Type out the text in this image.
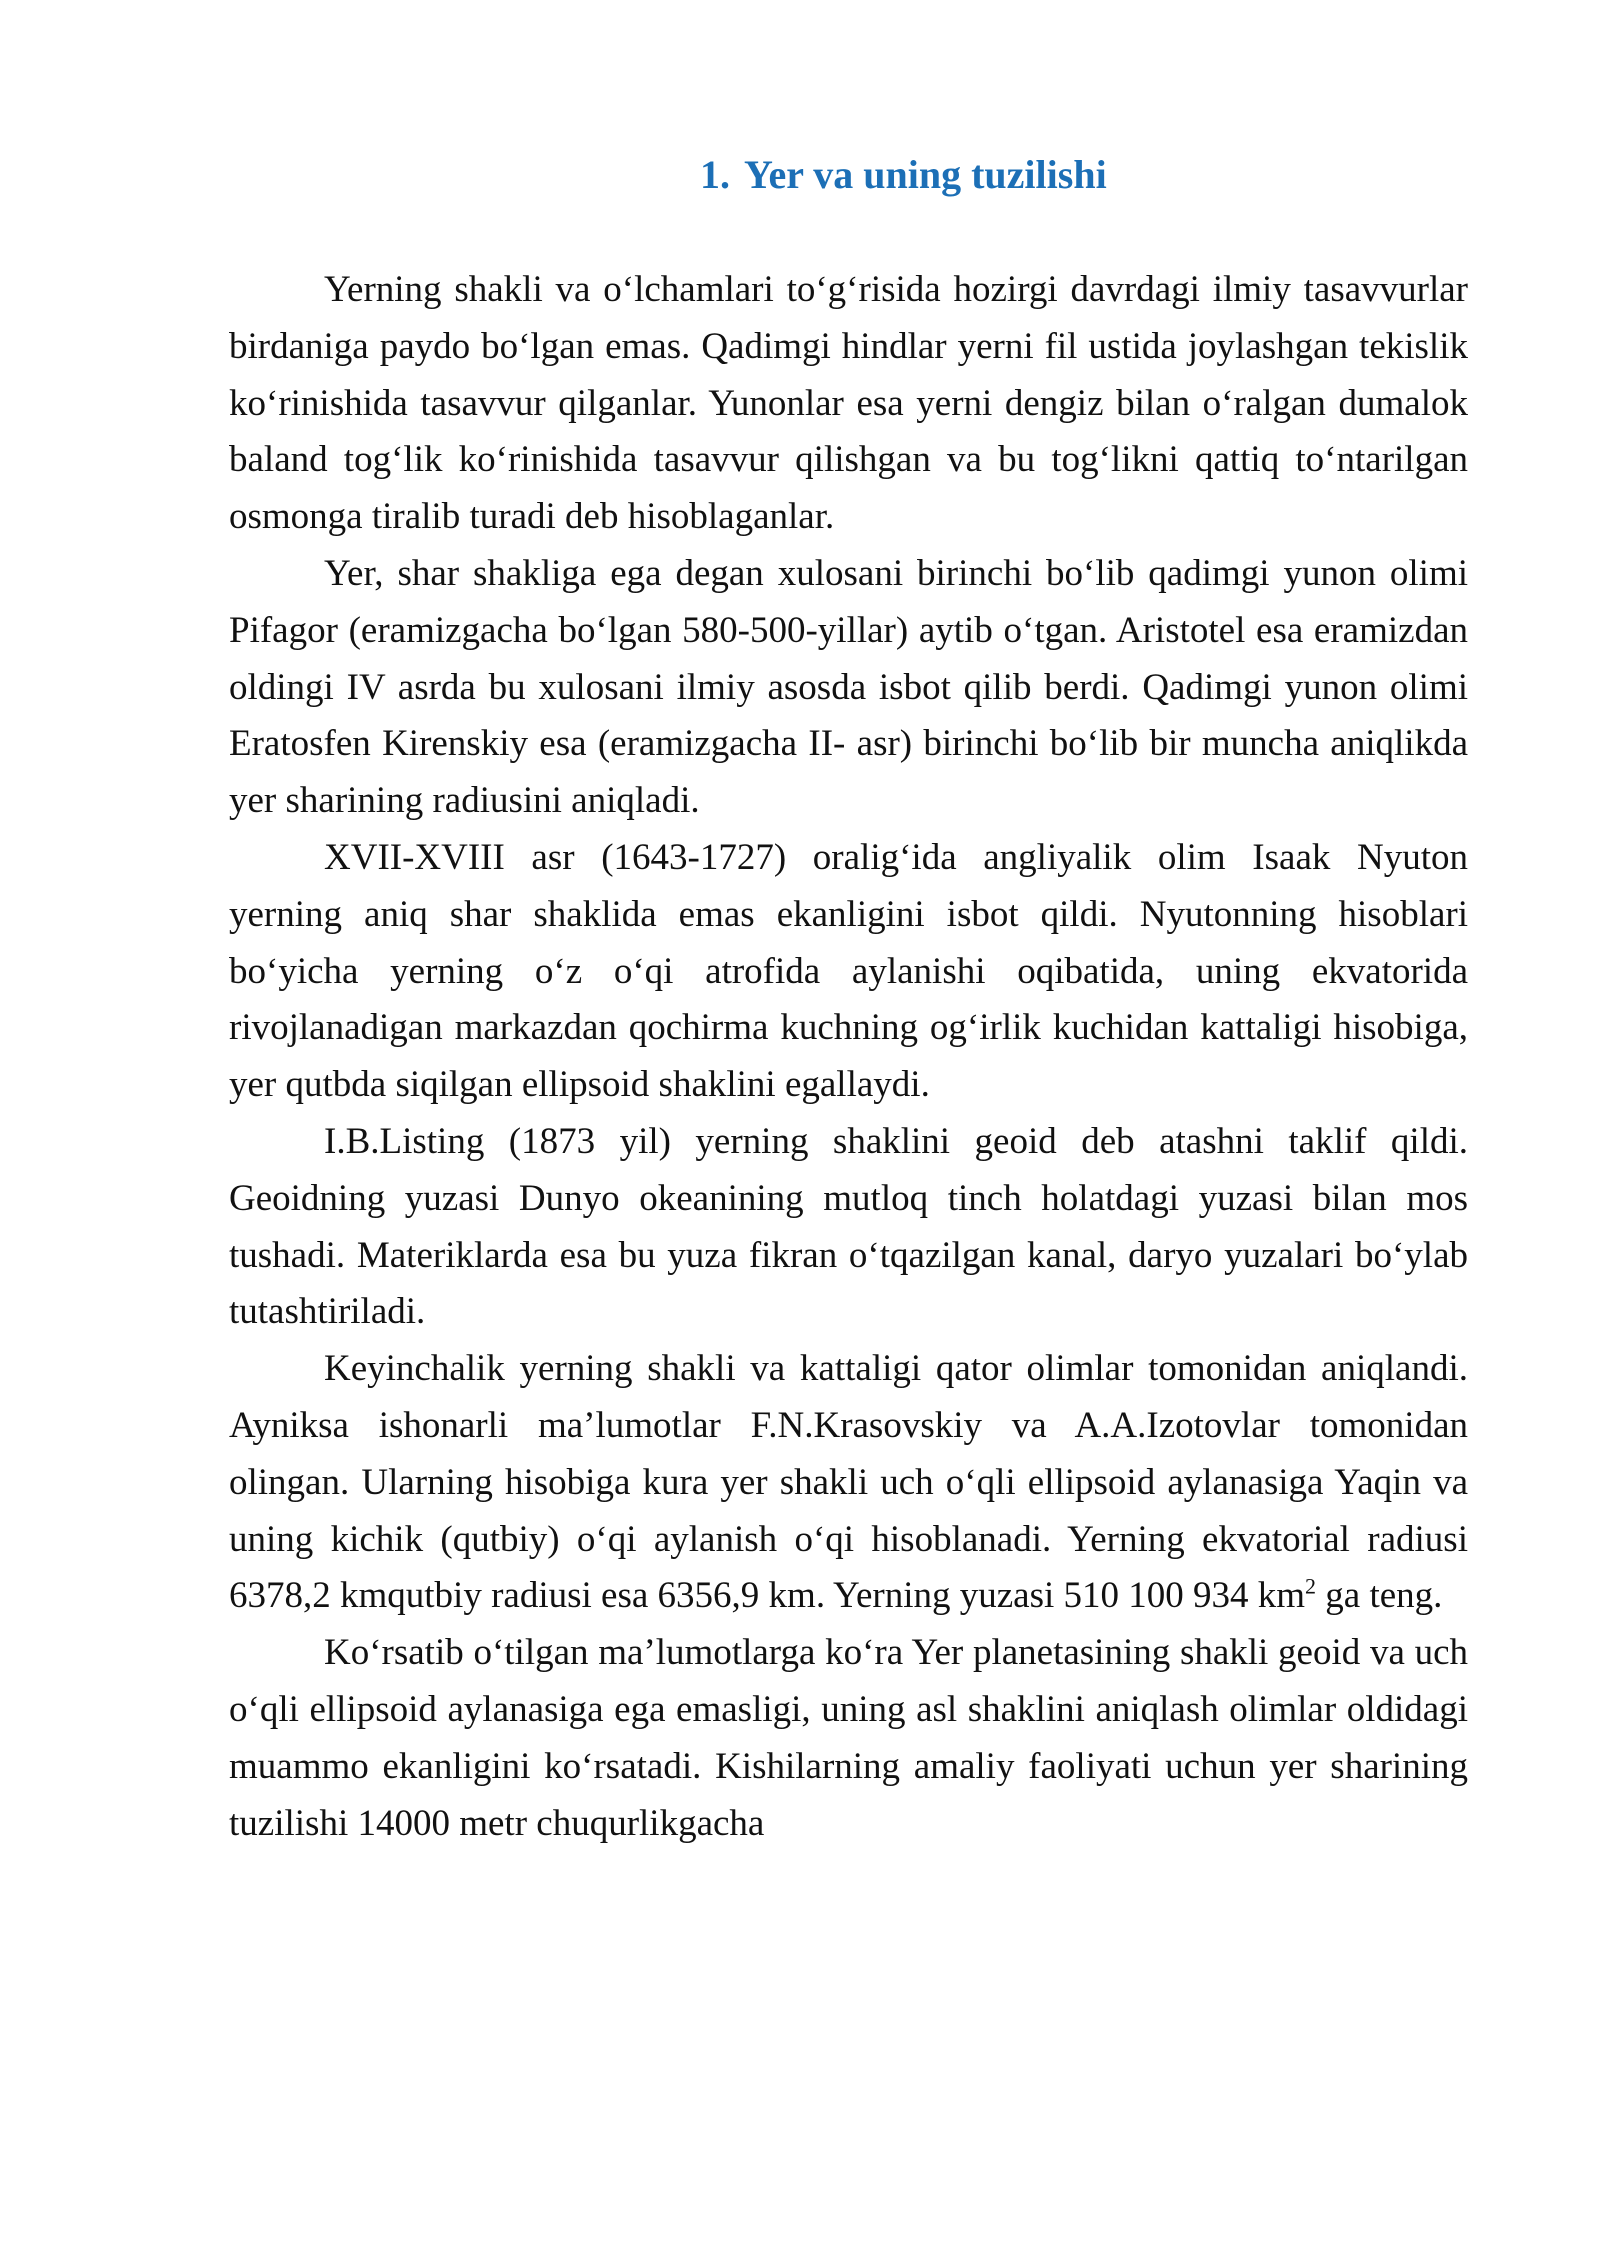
1. Yer va uning tuzilishi

Yerning shakli va o‘lchamlari to‘g‘risida hozirgi davrdagi ilmiy tasavvurlar birdaniga paydo bo‘lgan emas. Qadimgi hindlar yerni fil ustida joylashgan tekislik ko‘rinishida tasavvur qilganlar. Yunonlar esa yerni dengiz bilan o‘ralgan dumalok baland tog‘lik ko‘rinishida tasavvur qilishgan va bu tog‘likni qattiq to‘ntarilgan osmonga tiralib turadi deb hisoblaganlar.

Yer, shar shakliga ega degan xulosani birinchi bo‘lib qadimgi yunon olimi Pifagor (eramizgacha bo‘lgan 580-500-yillar) aytib o‘tgan. Aristotel esa eramizdan oldingi IV asrda bu xulosani ilmiy asosda isbot qilib berdi. Qadimgi yunon olimi Eratosfen Kirenskiy esa (eramizgacha II- asr) birinchi bo‘lib bir muncha aniqlikda yer sharining radiusini aniqladi.

XVII-XVIII asr (1643-1727) oralig‘ida angliyalik olim Isaak Nyuton yerning aniq shar shaklida emas ekanligini isbot qildi. Nyutonning hisoblari bo‘yicha yerning o‘z o‘qi atrofida aylanishi oqibatida, uning ekvatorida rivojlanadigan markazdan qochirma kuchning og‘irlik kuchidan kattaligi hisobiga, yer qutbda siqilgan ellipsoid shaklini egallaydi.

I.B.Listing (1873 yil) yerning shaklini geoid deb atashni taklif qildi. Geoidning yuzasi Dunyo okeanining mutloq tinch holatdagi yuzasi bilan mos tushadi. Materiklarda esa bu yuza fikran o‘tqazilgan kanal, daryo yuzalari bo‘ylab tutashtiriladi.

Keyinchalik yerning shakli va kattaligi qator olimlar tomonidan aniqlandi. Ayniksa ishonarli ma’lumotlar F.N.Krasovskiy va A.A.Izotovlar tomonidan olingan. Ularning hisobiga kura yer shakli uch o‘qli ellipsoid aylanasiga Yaqin va uning kichik (qutbiy) o‘qi aylanish o‘qi hisoblanadi. Yerning ekvatorial radiusi 6378,2 kmqutbiy radiusi esa 6356,9 km. Yerning yuzasi 510 100 934 $km^2$ ga teng.

Ko‘rsatib o‘tilgan ma’lumotlarga ko‘ra Yer planetasining shakli geoid va uch o‘qli ellipsoid aylanasiga ega emasligi, uning asl shaklini aniqlash olimlar oldidagi muammo ekanligini ko‘rsatadi. Kishilarning amaliy faoliyati uchun yer sharining tuzilishi 14000 metr chuqurlikgacha
